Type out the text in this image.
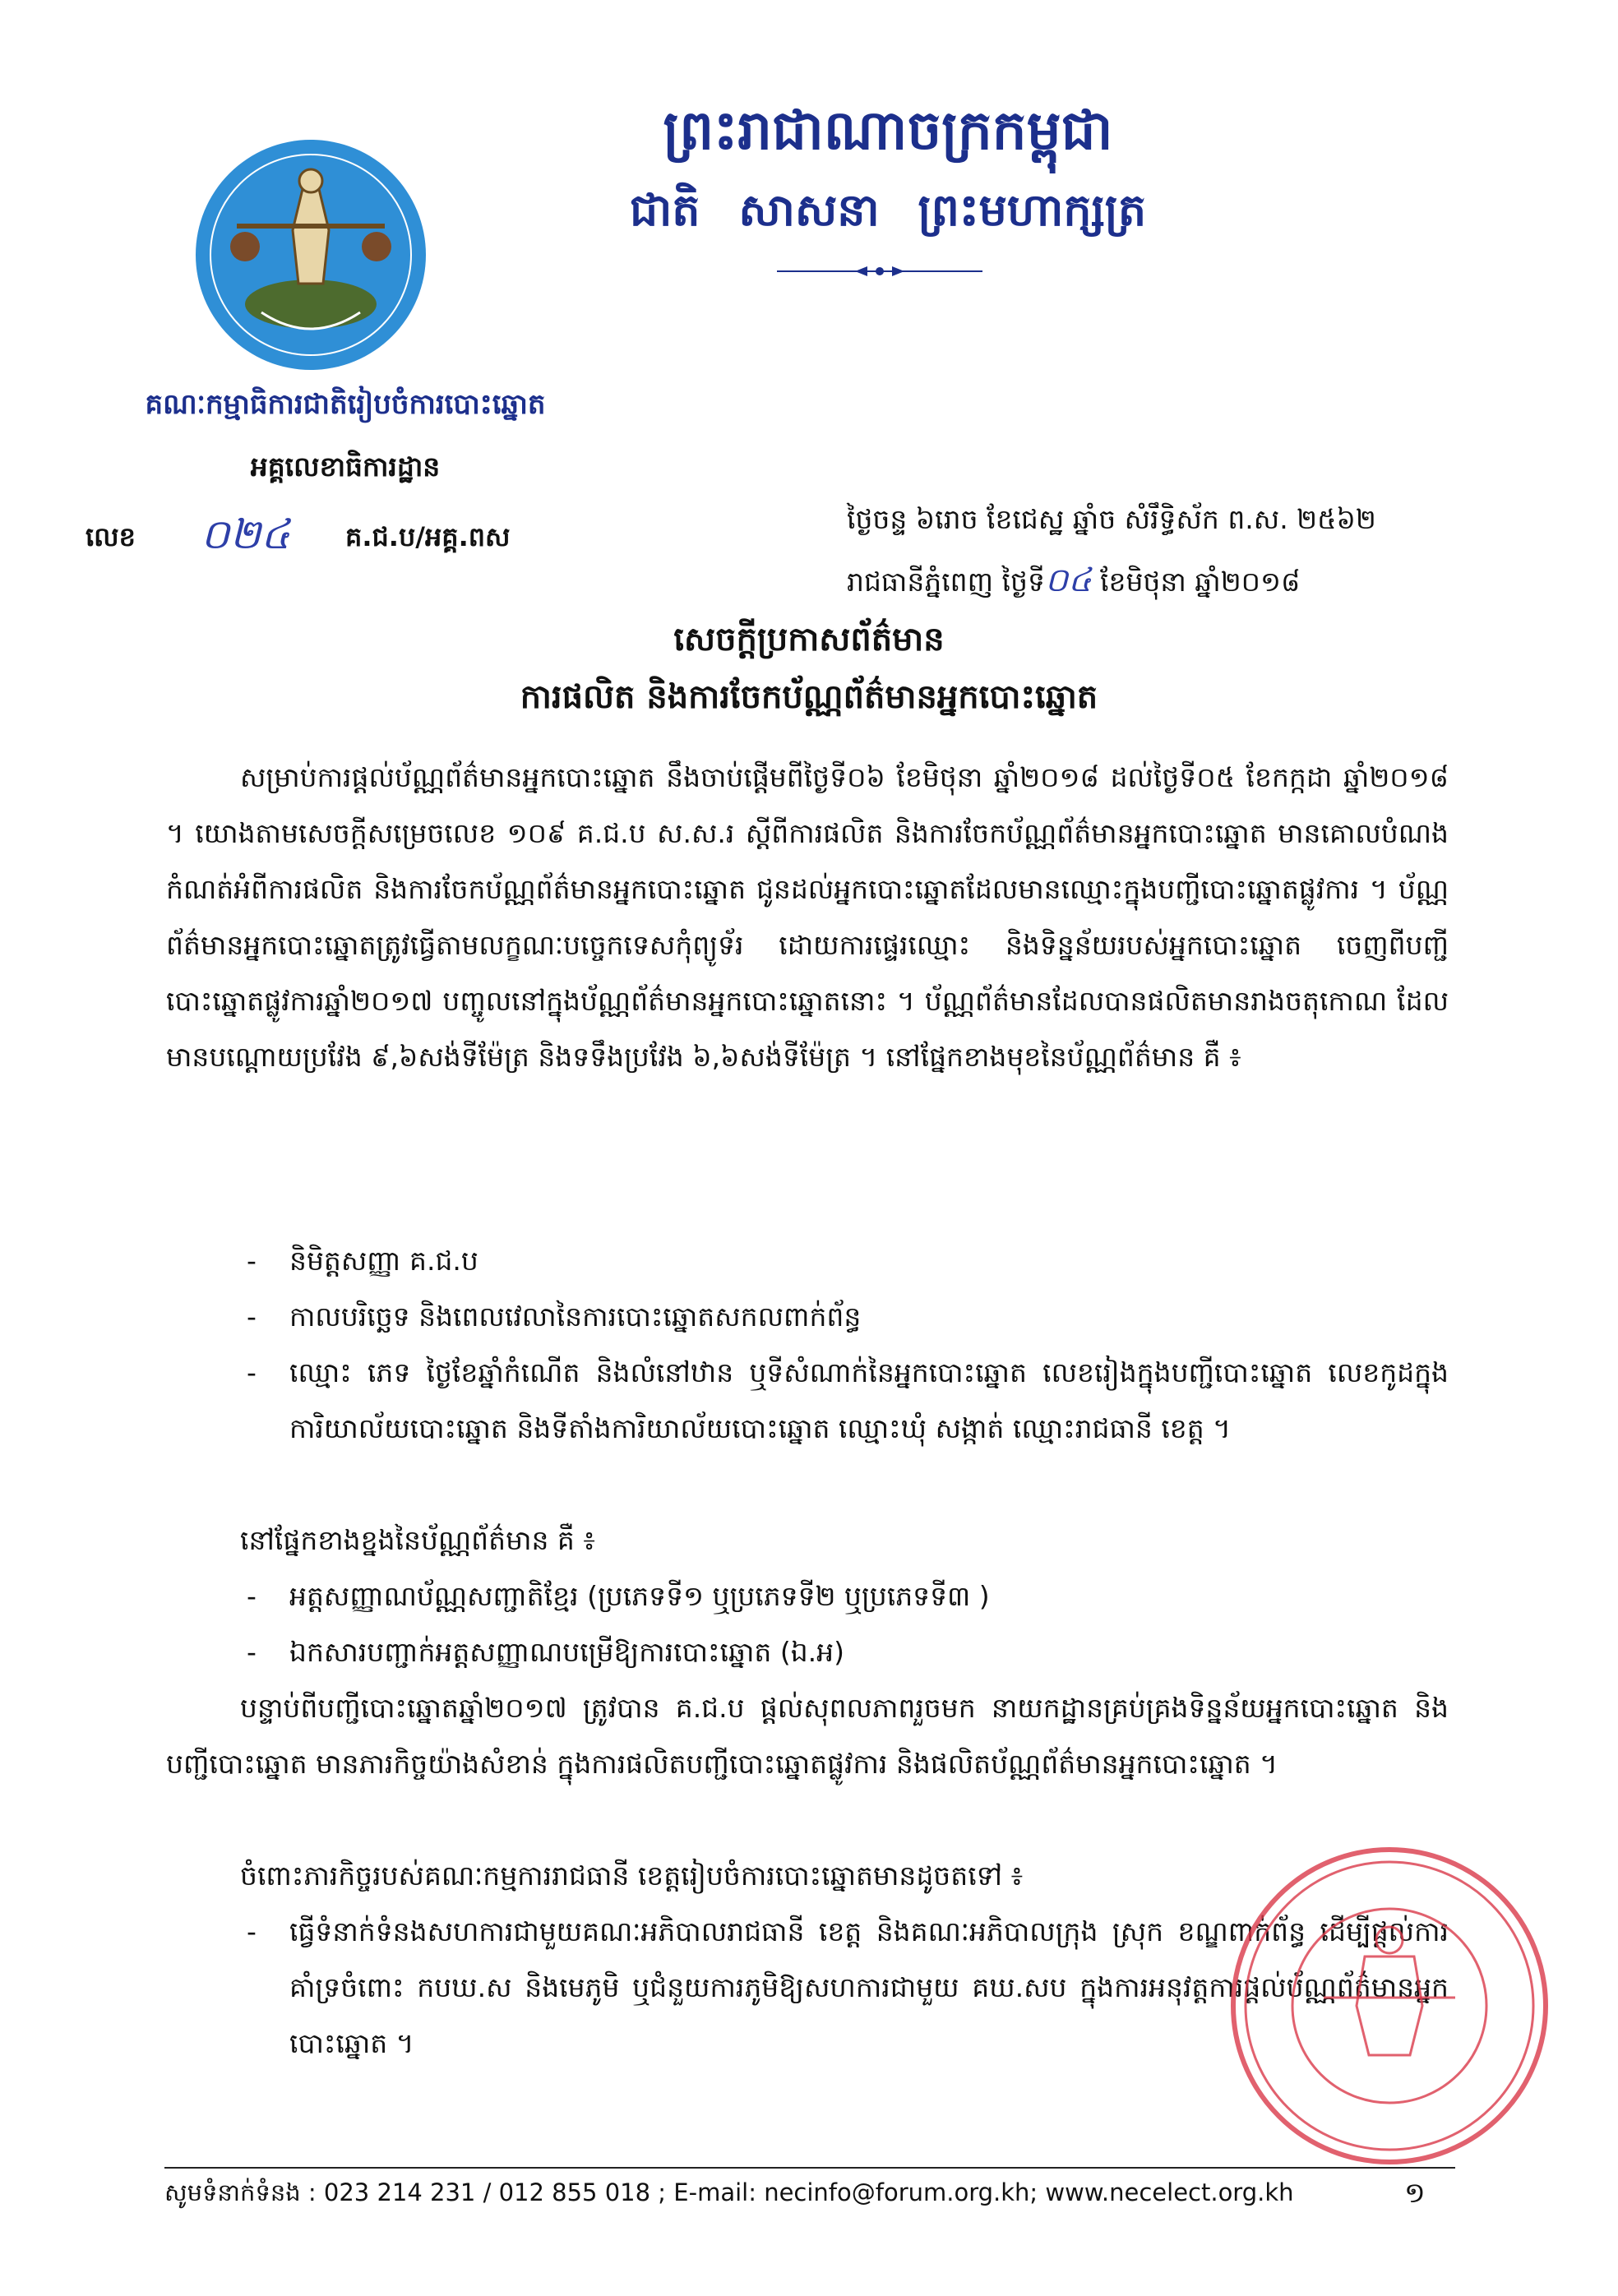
ព្រះរាជាណាចក្រកម្ពុជា
ជាតិ សាសនា ព្រះមហាក្សត្រ
គណៈកម្មាធិការជាតិរៀបចំការបោះឆ្នោត
អគ្គលេខាធិការដ្ឋាន
លេខ ០២៤ គ.ជ.ប/អគ្គ.ពស
ថ្ងៃចន្ទ ៦រោច ខែជេស្ឋ ឆ្នាំច សំរឹទ្ធិស័ក ព.ស. ២៥៦២
រាជធានីភ្នំពេញ ថ្ងៃទី០៤ ខែមិថុនា ឆ្នាំ២០១៨
សេចក្ដីប្រកាសព័ត៌មាន
ការផលិត និងការចែកប័ណ្ណព័ត៌មានអ្នកបោះឆ្នោត
សម្រាប់ការផ្ដល់ប័ណ្ណព័ត៌មានអ្នកបោះឆ្នោត នឹងចាប់ផ្ដើមពីថ្ងៃទី០៦ ខែមិថុនា ឆ្នាំ២០១៨ ដល់ថ្ងៃទី០៥ ខែកក្កដា ឆ្នាំ២០១៨ ។ យោងតាមសេចក្ដីសម្រេចលេខ ១០៩ គ.ជ.ប ស.ស.រ ស្ដីពីការផលិត និងការចែកប័ណ្ណព័ត៌មានអ្នកបោះឆ្នោត មានគោលបំណងកំណត់អំពីការផលិត និងការចែកប័ណ្ណព័ត៌មានអ្នកបោះឆ្នោត ជូនដល់អ្នកបោះឆ្នោតដែលមានឈ្មោះក្នុងបញ្ជីបោះឆ្នោតផ្លូវការ ។ ប័ណ្ណព័ត៌មានអ្នកបោះឆ្នោតត្រូវធ្វើតាមលក្ខណៈបច្ចេកទេសកុំព្យូទ័រ ដោយការផ្ទេរឈ្មោះ និងទិន្នន័យរបស់អ្នកបោះឆ្នោត ចេញពីបញ្ជីបោះឆ្នោតផ្លូវការឆ្នាំ២០១៧ បញ្ចូលនៅក្នុងប័ណ្ណព័ត៌មានអ្នកបោះឆ្នោតនោះ ។ ប័ណ្ណព័ត៌មានដែលបានផលិតមានរាងចតុកោណ ដែលមានបណ្ដោយប្រវែង ៩,៦សង់ទីម៉ែត្រ និងទទឹងប្រវែង ៦,៦សង់ទីម៉ែត្រ ។ នៅផ្នែកខាងមុខនៃប័ណ្ណព័ត៌មាន គឺ ៖
- និមិត្តសញ្ញា គ.ជ.ប
- កាលបរិច្ឆេទ និងពេលវេលានៃការបោះឆ្នោតសកលពាក់ព័ន្ធ
- ឈ្មោះ ភេទ ថ្ងៃខែឆ្នាំកំណើត និងលំនៅឋាន ឬទីសំណាក់នៃអ្នកបោះឆ្នោត លេខរៀងក្នុងបញ្ជីបោះឆ្នោត លេខកូដក្នុងការិយាល័យបោះឆ្នោត និងទីតាំងការិយាល័យបោះឆ្នោត ឈ្មោះឃុំ សង្កាត់ ឈ្មោះរាជធានី ខេត្ត ។
នៅផ្នែកខាងខ្នងនៃប័ណ្ណព័ត៌មាន គឺ ៖
- អត្តសញ្ញាណប័ណ្ណសញ្ជាតិខ្មែរ (ប្រភេទទី១ ឬប្រភេទទី២ ឬប្រភេទទី៣ )
- ឯកសារបញ្ជាក់អត្តសញ្ញាណបម្រើឱ្យការបោះឆ្នោត (ឯ.អ)
បន្ទាប់ពីបញ្ជីបោះឆ្នោតឆ្នាំ២០១៧ ត្រូវបាន គ.ជ.ប ផ្ដល់សុពលភាពរួចមក នាយកដ្ឋានគ្រប់គ្រងទិន្នន័យអ្នកបោះឆ្នោត និងបញ្ជីបោះឆ្នោត មានភារកិច្ចយ៉ាងសំខាន់ ក្នុងការផលិតបញ្ជីបោះឆ្នោតផ្លូវការ និងផលិតប័ណ្ណព័ត៌មានអ្នកបោះឆ្នោត ។
ចំពោះភារកិច្ចរបស់គណៈកម្មការរាជធានី ខេត្តរៀបចំការបោះឆ្នោតមានដូចតទៅ ៖
- ធ្វើទំនាក់ទំនងសហការជាមួយគណៈអភិបាលរាជធានី ខេត្ត និងគណៈអភិបាលក្រុង ស្រុក ខណ្ឌពាក់ព័ន្ធ ដើម្បីផ្ដល់ការគាំទ្រចំពោះ កបឃ.ស និងមេភូមិ ឬជំនួយការភូមិឱ្យសហការជាមួយ គឃ.សប ក្នុងការអនុវត្តការផ្ដល់ប័ណ្ណព័ត៌មានអ្នកបោះឆ្នោត ។
សូមទំនាក់ទំនង : 023 214 231 / 012 855 018 ; E-mail: necinfo@forum.org.kh; www.necelect.org.kh	១
